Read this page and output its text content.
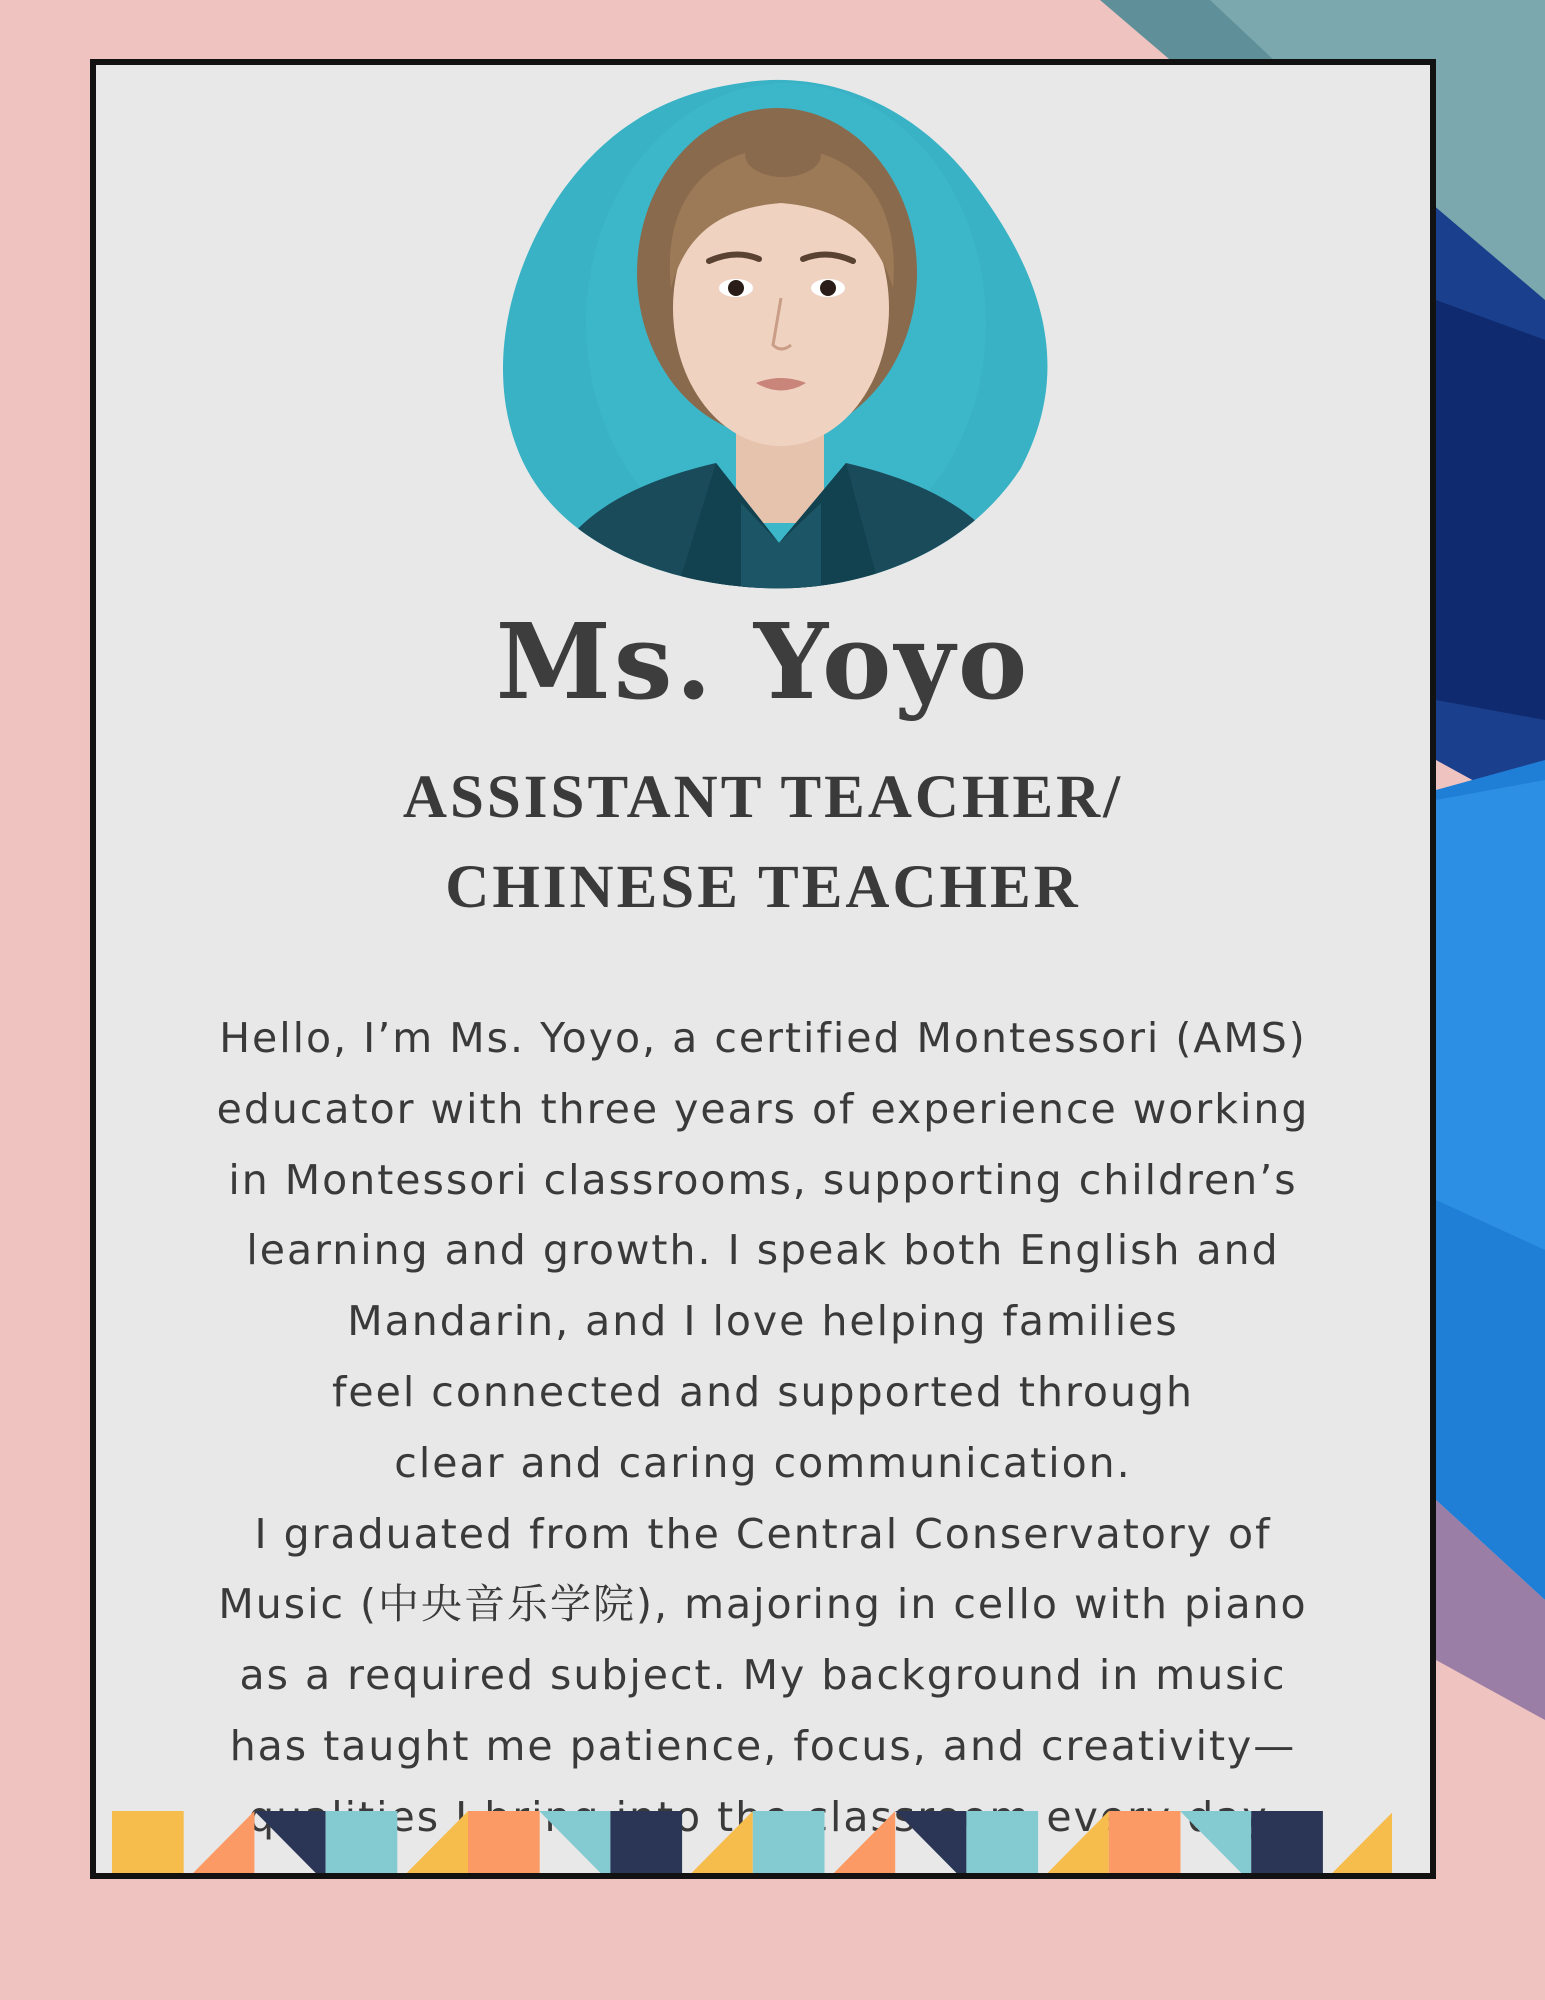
Ms. Yoyo
ASSISTANT TEACHER/
CHINESE TEACHER
Hello, I’m Ms. Yoyo, a certified Montessori (AMS)
educator with three years of experience working
in Montessori classrooms, supporting children’s
learning and growth. I speak both English and
Mandarin, and I love helping families
feel connected and supported through
clear and caring communication.
I graduated from the Central Conservatory of
Music (中央音乐学院), majoring in cello with piano
as a required subject. My background in music
has taught me patience, focus, and creativity—
I bring
